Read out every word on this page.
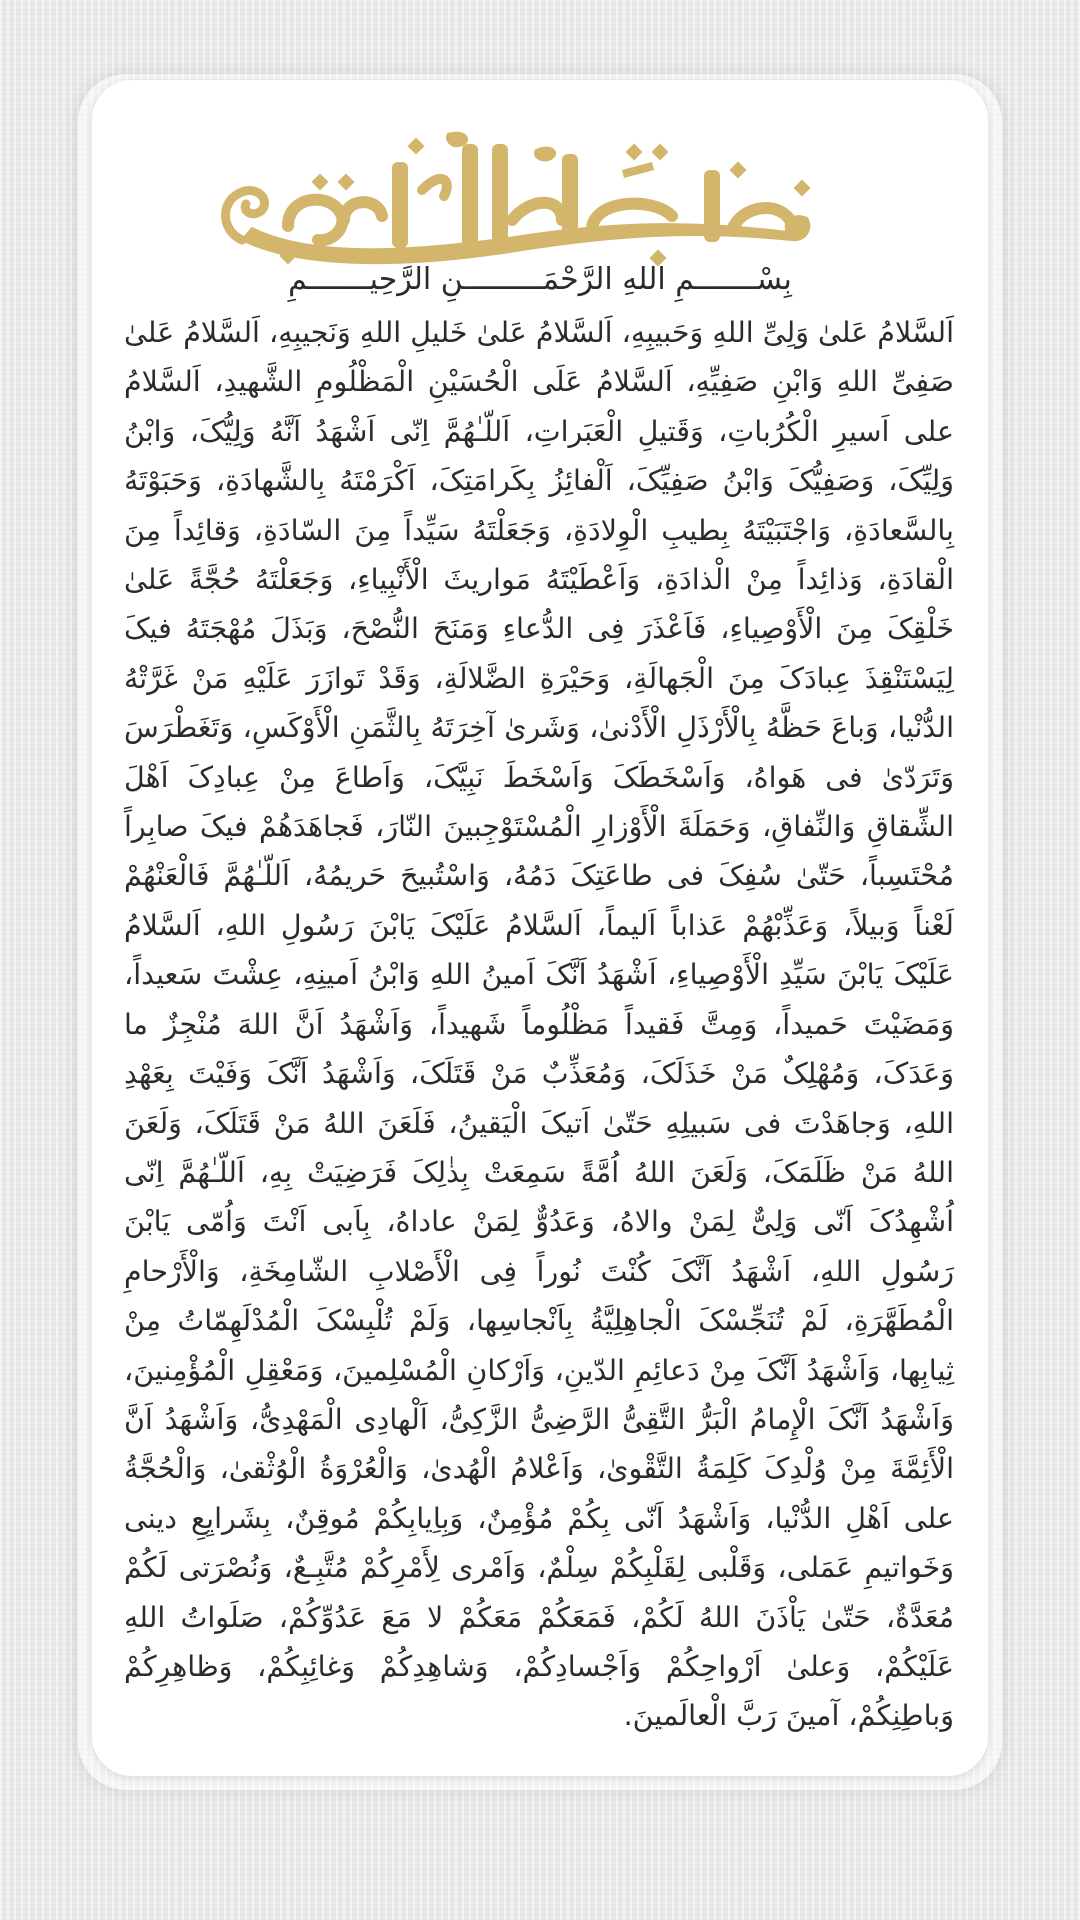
بِسْـــــــمِ اللهِ الرَّحْمَـــــــــنِ الرَّحِيـــــــمِ
اَلسَّلامُ عَلىٰ وَلِیِّ اللهِ وَحَبیبِهِ، اَلسَّلامُ عَلىٰ خَلیلِ اللهِ وَنَجیبِهِ، اَلسَّلامُ عَلىٰ صَفِیِّ اللهِ وَابْنِ صَفِیِّهِ، اَلسَّلامُ عَلَى الْحُسَیْنِ الْمَظْلُومِ الشَّهیدِ، اَلسَّلامُ على اَسیرِ الْکُرُباتِ، وَقَتیلِ الْعَبَراتِ، اَللّـٰهُمَّ اِنّی اَشْهَدُ اَنَّهُ وَلِیُّکَ، وَابْنُ وَلِیِّکَ، وَصَفِیُّکَ وَابْنُ صَفِیِّکَ، اَلْفائِزُ بِکَرامَتِکَ، اَکْرَمْتَهُ بِالشَّهادَةِ، وَحَبَوْتَهُ بِالسَّعادَةِ، وَاجْتَبَیْتَهُ بِطیبِ الْوِلادَةِ، وَجَعَلْتَهُ سَیِّداً مِنَ السّادَةِ، وَقائِداً مِنَ الْقادَةِ، وَذائِداً مِنْ الْذادَةِ، وَاَعْطَیْتَهُ مَواریثَ الْأَنْبِیاءِ، وَجَعَلْتَهُ حُجَّةً عَلىٰ خَلْقِکَ مِنَ الْأَوْصِیاءِ، فَاَعْذَرَ فِی الدُّعاءِ وَمَنَحَ النُّصْحَ، وَبَذَلَ مُهْجَتَهُ فیکَ لِیَسْتَنْقِذَ عِبادَکَ مِنَ الْجَهالَةِ، وَحَیْرَةِ الضَّلالَةِ، وَقَدْ تَوازَرَ عَلَیْهِ مَنْ غَرَّتْهُ الدُّنْیا، وَباعَ حَظَّهُ بِالْأَرْذَلِ الْأَدْنىٰ، وَشَرىٰ آخِرَتَهُ بِالثَّمَنِ الْأَوْکَسِ، وَتَغَطْرَسَ وَتَرَدّىٰ فی هَواهُ، وَاَسْخَطَکَ وَاَسْخَطَ نَبِیَّکَ، وَاَطاعَ مِنْ عِبادِکَ اَهْلَ الشِّقاقِ وَالنِّفاقِ، وَحَمَلَةَ الْأَوْزارِ الْمُسْتَوْجِبینَ النّارَ، فَجاهَدَهُمْ فیکَ صابِراً مُحْتَسِباً، حَتّىٰ سُفِکَ فی طاعَتِکَ دَمُهُ، وَاسْتُبیحَ حَریمُهُ، اَللّـٰهُمَّ فَالْعَنْهُمْ لَعْناً وَبیلاً، وَعَذِّبْهُمْ عَذاباً اَلیماً، اَلسَّلامُ عَلَیْکَ یَابْنَ رَسُولِ اللهِ، اَلسَّلامُ عَلَیْکَ یَابْنَ سَیِّدِ الْأَوْصِیاءِ، اَشْهَدُ اَنَّکَ اَمینُ اللهِ وَابْنُ اَمینِهِ، عِشْتَ سَعیداً، وَمَضَیْتَ حَمیداً، وَمِتَّ فَقیداً مَظْلُوماً شَهیداً، وَاَشْهَدُ اَنَّ اللهَ مُنْجِزٌ ما وَعَدَکَ، وَمُهْلِکٌ مَنْ خَذَلَکَ، وَمُعَذِّبٌ مَنْ قَتَلَکَ، وَاَشْهَدُ اَنَّکَ وَفَیْتَ بِعَهْدِ اللهِ، وَجاهَدْتَ فی سَبیلِهِ حَتّىٰ اَتیکَ الْیَقینُ، فَلَعَنَ اللهُ مَنْ قَتَلَکَ، وَلَعَنَ اللهُ مَنْ ظَلَمَکَ، وَلَعَنَ اللهُ اُمَّةً سَمِعَتْ بِذٰلِکَ فَرَضِیَتْ بِهِ، اَللّـٰهُمَّ اِنّی اُشْهِدُکَ اَنّی وَلِیٌّ لِمَنْ والاهُ، وَعَدُوٌّ لِمَنْ عاداهُ، بِاَبی اَنْتَ وَاُمّی یَابْنَ رَسُولِ اللهِ، اَشْهَدُ اَنَّکَ کُنْتَ نُوراً فِی الْأَصْلابِ الشّامِخَةِ، وَالْأَرْحامِ الْمُطَهَّرَةِ، لَمْ تُنَجِّسْکَ الْجاهِلِیَّةُ بِاَنْجاسِها، وَلَمْ تُلْبِسْکَ الْمُدْلَهِمّاتُ مِنْ ثِیابِها، وَاَشْهَدُ اَنَّکَ مِنْ دَعائِمِ الدّینِ، وَاَرْکانِ الْمُسْلِمینَ، وَمَعْقِلِ الْمُؤْمِنینَ، وَاَشْهَدُ اَنَّکَ الْإِمامُ الْبَرُّ التَّقِیُّ الرَّضِیُّ الزَّکِیُّ، اَلْهادِی الْمَهْدِیُّ، وَاَشْهَدُ اَنَّ الْأَئِمَّةَ مِنْ وُلْدِکَ کَلِمَةُ التَّقْوىٰ، وَاَعْلامُ الْهُدىٰ، وَالْعُرْوَةُ الْوُثْقىٰ، وَالْحُجَّةُ على اَهْلِ الدُّنْیا، وَاَشْهَدُ اَنّی بِکُمْ مُؤْمِنٌ، وَبِاِیابِکُمْ مُوقِنٌ، بِشَرایِعِ دینی وَخَواتیمِ عَمَلی، وَقَلْبی لِقَلْبِکُمْ سِلْمٌ، وَاَمْری لِأَمْرِکُمْ مُتَّبِـعٌ، وَنُصْرَتی لَکُمْ مُعَدَّةٌ، حَتّىٰ یَاْذَنَ اللهُ لَکُمْ، فَمَعَکُمْ مَعَکُمْ لا مَعَ عَدُوِّکُمْ، صَلَواتُ اللهِ عَلَیْکُمْ، وَعلىٰ اَرْواحِکُمْ وَاَجْسادِکُمْ، وَشاهِدِکُمْ وَغائِبِکُمْ، وَظاهِرِکُمْ وَباطِنِکُمْ، آمینَ رَبَّ الْعالَمینَ.
